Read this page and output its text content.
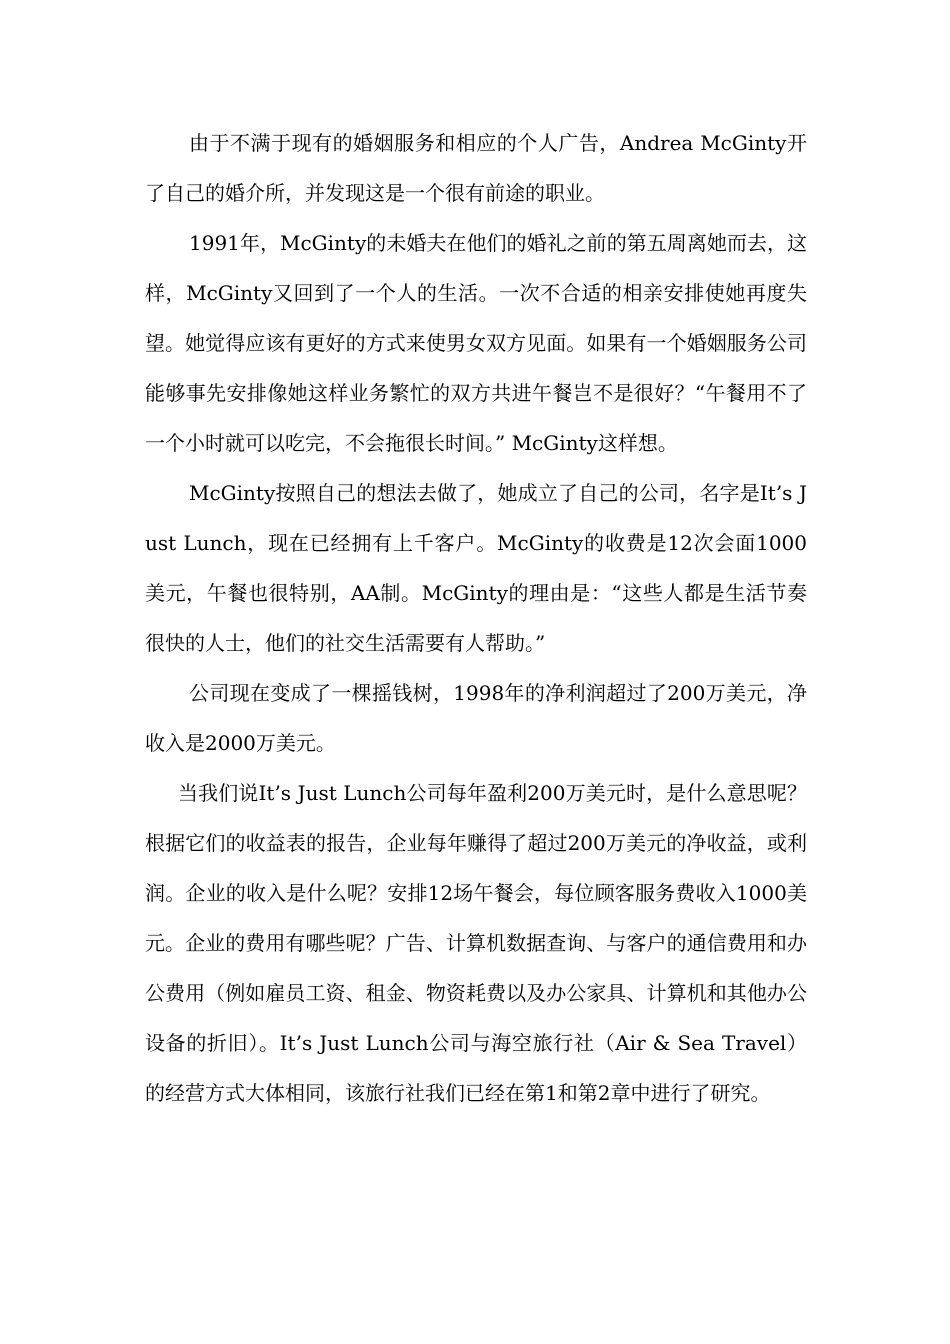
由于不满于现有的婚姻服务和相应的个人广告，Andrea McGinty开了自己的婚介所，并发现这是一个很有前途的职业。

1991年，McGinty的未婚夫在他们的婚礼之前的第五周离她而去，这样，McGinty又回到了一个人的生活。一次不合适的相亲安排使她再度失望。她觉得应该有更好的方式来使男女双方见面。如果有一个婚姻服务公司能够事先安排像她这样业务繁忙的双方共进午餐岂不是很好？“午餐用不了一个小时就可以吃完，不会拖很长时间。” McGinty这样想。

McGinty按照自己的想法去做了，她成立了自己的公司，名字是It’s Just Lunch，现在已经拥有上千客户。McGinty的收费是12次会面1000美元，午餐也很特别，AA制。McGinty的理由是：“这些人都是生活节奏很快的人士，他们的社交生活需要有人帮助。”

公司现在变成了一棵摇钱树，1998年的净利润超过了200万美元，净收入是2000万美元。

当我们说It’s Just Lunch公司每年盈利200万美元时，是什么意思呢？根据它们的收益表的报告，企业每年赚得了超过200万美元的净收益，或利润。企业的收入是什么呢？安排12场午餐会，每位顾客服务费收入1000美元。企业的费用有哪些呢？广告、计算机数据查询、与客户的通信费用和办公费用（例如雇员工资、租金、物资耗费以及办公家具、计算机和其他办公设备的折旧）。It’s Just Lunch公司与海空旅行社（Air & Sea Travel）的经营方式大体相同，该旅行社我们已经在第1和第2章中进行了研究。
